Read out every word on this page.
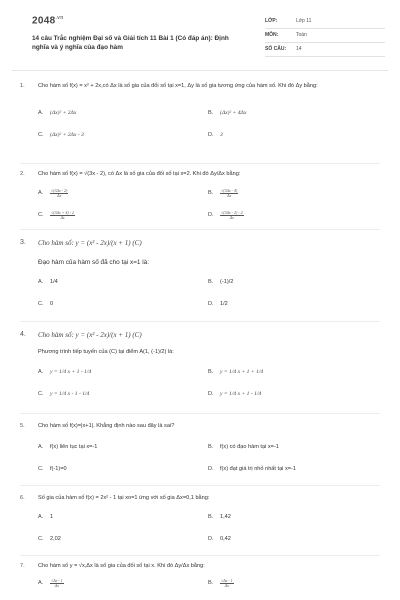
$2048^{.vn}$
14 câu Trắc nghiệm Đại số và Giải tích 11 Bài 1 (Có đáp án): Định nghĩa và ý nghĩa của đạo hàm
LỚP:	Lớp 11
MÔN:	Toán
SỐ CÂU:	14
1.	Cho hàm số f(x) = x² + 2x,có Δx là số gia của đối số tại x=1, Δy là số gia tương ứng của hàm số. Khi đó Δy bằng:
A.	(Δx)² + 2Δx	B.	(Δx)² + 4Δx
C.	(Δx)² + 2Δx - 3	D.	3
2.	Cho hàm số f(x) = √(3x - 2), có Δx là số gia của đối số tại x=2. Khi đó Δy/Δx bằng:
A.	$\frac{√(3\Delta x - 2)}{\Delta x}$	B.	$\frac{√(3\Delta x - 4)}{\Delta x}$
C.	$\frac{√(3\Delta x + 4) - 2}{\Delta x}$	D.	$\frac{√(3\Delta x - 2) - 2}{\Delta x}$
3.	Cho hàm số: y = (x² - 2x)/(x + 1) (C)
Đạo hàm của hàm số đã cho tại x=1 là:
A.	1/4	B.	(-1)/2
C.	0	D.	1/2
4.	Cho hàm số: y = (x² - 2x)/(x + 1) (C)
Phương trình tiếp tuyến của (C) tại điểm A(1, (-1)/2) là:
A.	y = 1/4 x + 1 - 1/4	B.	y = 1/4 x + 1 + 1/4
C.	y = 1/4 x - 1 - 1/4	D.	y = 1/4 x + 1 - 1/4
5.	Cho hàm số f(x)=|x+1|. Khẳng định nào sau đây là sai?
A.	f(x) liên tục tại x=-1	B.	f(x) có đạo hàm tại x=-1
C.	f(-1)=0	D.	f(x) đạt giá trị nhỏ nhất tại x=-1
6.	Số gia của hàm số f(x) = 2x² - 1 tại xo=1 ứng với số gia Δx=0,1 bằng:
A.	1	B.	1,42
C.	2,02	D.	0,42
7.	Cho hàm số y = √x,Δx là số gia của đối số tại x. Khi đó Δy/Δx bằng:
A.	$\frac{√\Delta x - 1}{\Delta x}$	B.	$\frac{√\Delta x - 1}{\Delta x}$
